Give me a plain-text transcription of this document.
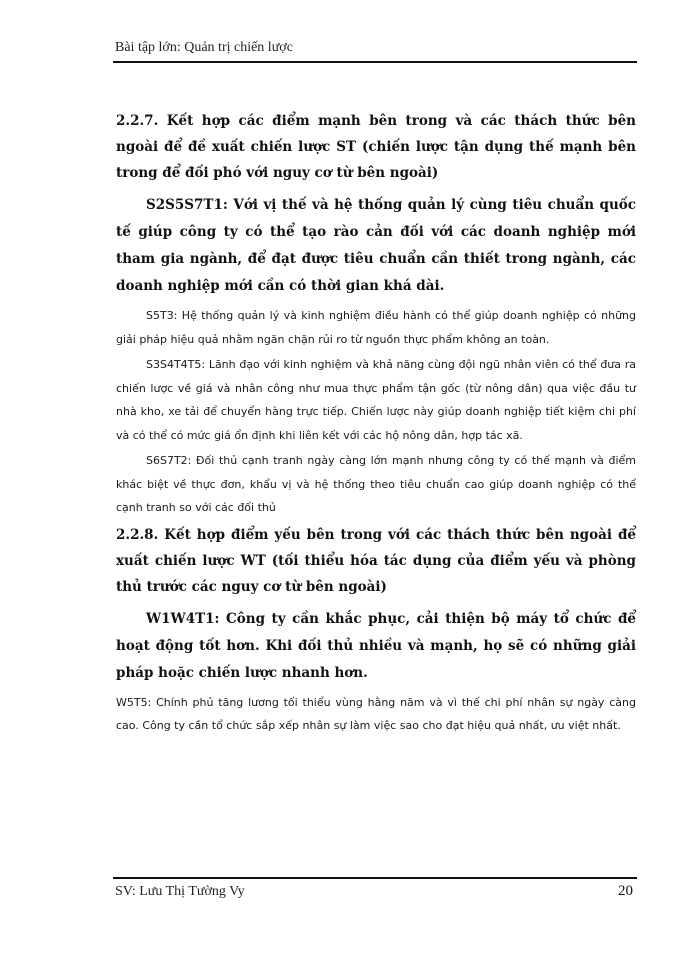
Bài tập lớn: Quản trị chiến lược

2.2.7. Kết hợp các điểm mạnh bên trong và các thách thức bên ngoài để đề xuất chiến lược ST (chiến lược tận dụng thế mạnh bên trong để đối phó với nguy cơ từ bên ngoài)

S2S5S7T1: Với vị thế và hệ thống quản lý cùng tiêu chuẩn quốc tế giúp công ty có thể tạo rào cản đối với các doanh nghiệp mới tham gia ngành, để đạt được tiêu chuẩn cần thiết trong ngành, các doanh nghiệp mới cần có thời gian khá dài.

S5T3: Hệ thống quản lý và kinh nghiệm điều hành có thể giúp doanh nghiệp có những giải pháp hiệu quả nhằm ngăn chặn rủi ro từ nguồn thực phẩm không an toàn.

S3S4T4T5: Lãnh đạo với kinh nghiệm và khả năng cùng đội ngũ nhân viên có thể đưa ra chiến lược về giá và nhân công như mua thực phẩm tận gốc (từ nông dân) qua việc đầu tư nhà kho, xe tải để chuyển hàng trực tiếp. Chiến lược này giúp doanh nghiệp tiết kiệm chi phí và có thể có mức giá ổn định khi liên kết với các hộ nông dân, hợp tác xã.

S6S7T2: Đối thủ cạnh tranh ngày càng lớn mạnh nhưng công ty có thế mạnh và điểm khác biệt về thực đơn, khẩu vị và hệ thống theo tiêu chuẩn cao giúp doanh nghiệp có thể cạnh tranh so với các đối thủ

2.2.8. Kết hợp điểm yếu bên trong với các thách thức bên ngoài để xuất chiến lược WT (tối thiểu hóa tác dụng của điểm yếu và phòng thủ trước các nguy cơ từ bên ngoài)

W1W4T1: Công ty cần khắc phục, cải thiện bộ máy tổ chức để hoạt động tốt hơn. Khi đối thủ nhiều và mạnh, họ sẽ có những giải pháp hoặc chiến lược nhanh hơn.

W5T5: Chính phủ tăng lương tối thiểu vùng hằng năm và vì thế chi phí nhân sự ngày càng cao. Công ty cần tổ chức sắp xếp nhân sự làm việc sao cho đạt hiệu quả nhất, ưu việt nhất.

SV: Lưu Thị Tường Vy	20
